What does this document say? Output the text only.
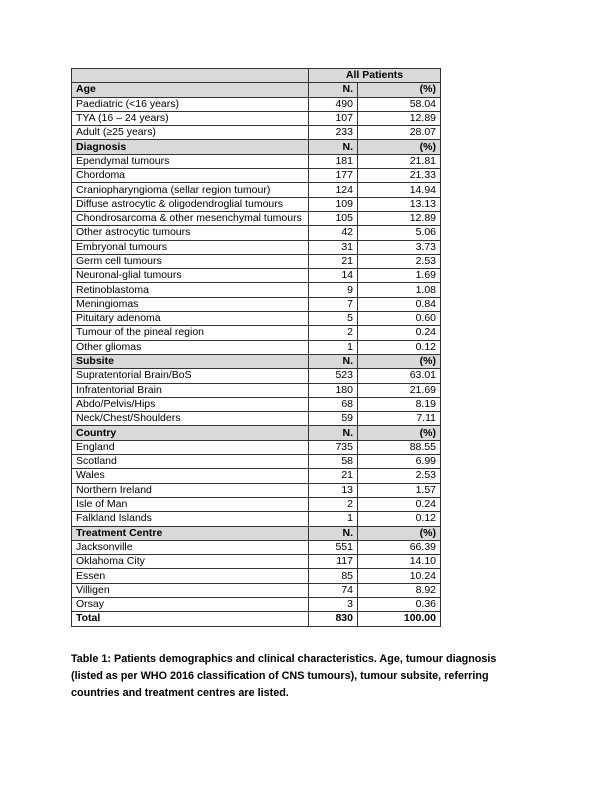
	All Patients	
Age	N.	(%)
Paediatric (<16 years)	490	58.04
TYA (16 – 24 years)	107	12.89
Adult (≥25 years)	233	28.07
Diagnosis	N.	(%)
Ependymal tumours	181	21.81
Chordoma	177	21.33
Craniopharyngioma (sellar region tumour)	124	14.94
Diffuse astrocytic & oligodendroglial tumours	109	13.13
Chondrosarcoma & other mesenchymal tumours	105	12.89
Other astrocytic tumours	42	5.06
Embryonal tumours	31	3.73
Germ cell tumours	21	2.53
Neuronal-glial tumours	14	1.69
Retinoblastoma	9	1.08
Meningiomas	7	0.84
Pituitary adenoma	5	0.60
Tumour of the pineal region	2	0.24
Other gliomas	1	0.12
Subsite	N.	(%)
Supratentorial Brain/BoS	523	63.01
Infratentorial Brain	180	21.69
Abdo/Pelvis/Hips	68	8.19
Neck/Chest/Shoulders	59	7.11
Country	N.	(%)
England	735	88.55
Scotland	58	6.99
Wales	21	2.53
Northern Ireland	13	1.57
Isle of Man	2	0.24
Falkland Islands	1	0.12
Treatment Centre	N.	(%)
Jacksonville	551	66.39
Oklahoma City	117	14.10
Essen	85	10.24
Villigen	74	8.92
Orsay	3	0.36
Total	830	100.00

Table 1: Patients demographics and clinical characteristics. Age, tumour diagnosis (listed as per WHO 2016 classification of CNS tumours), tumour subsite, referring countries and treatment centres are listed.
